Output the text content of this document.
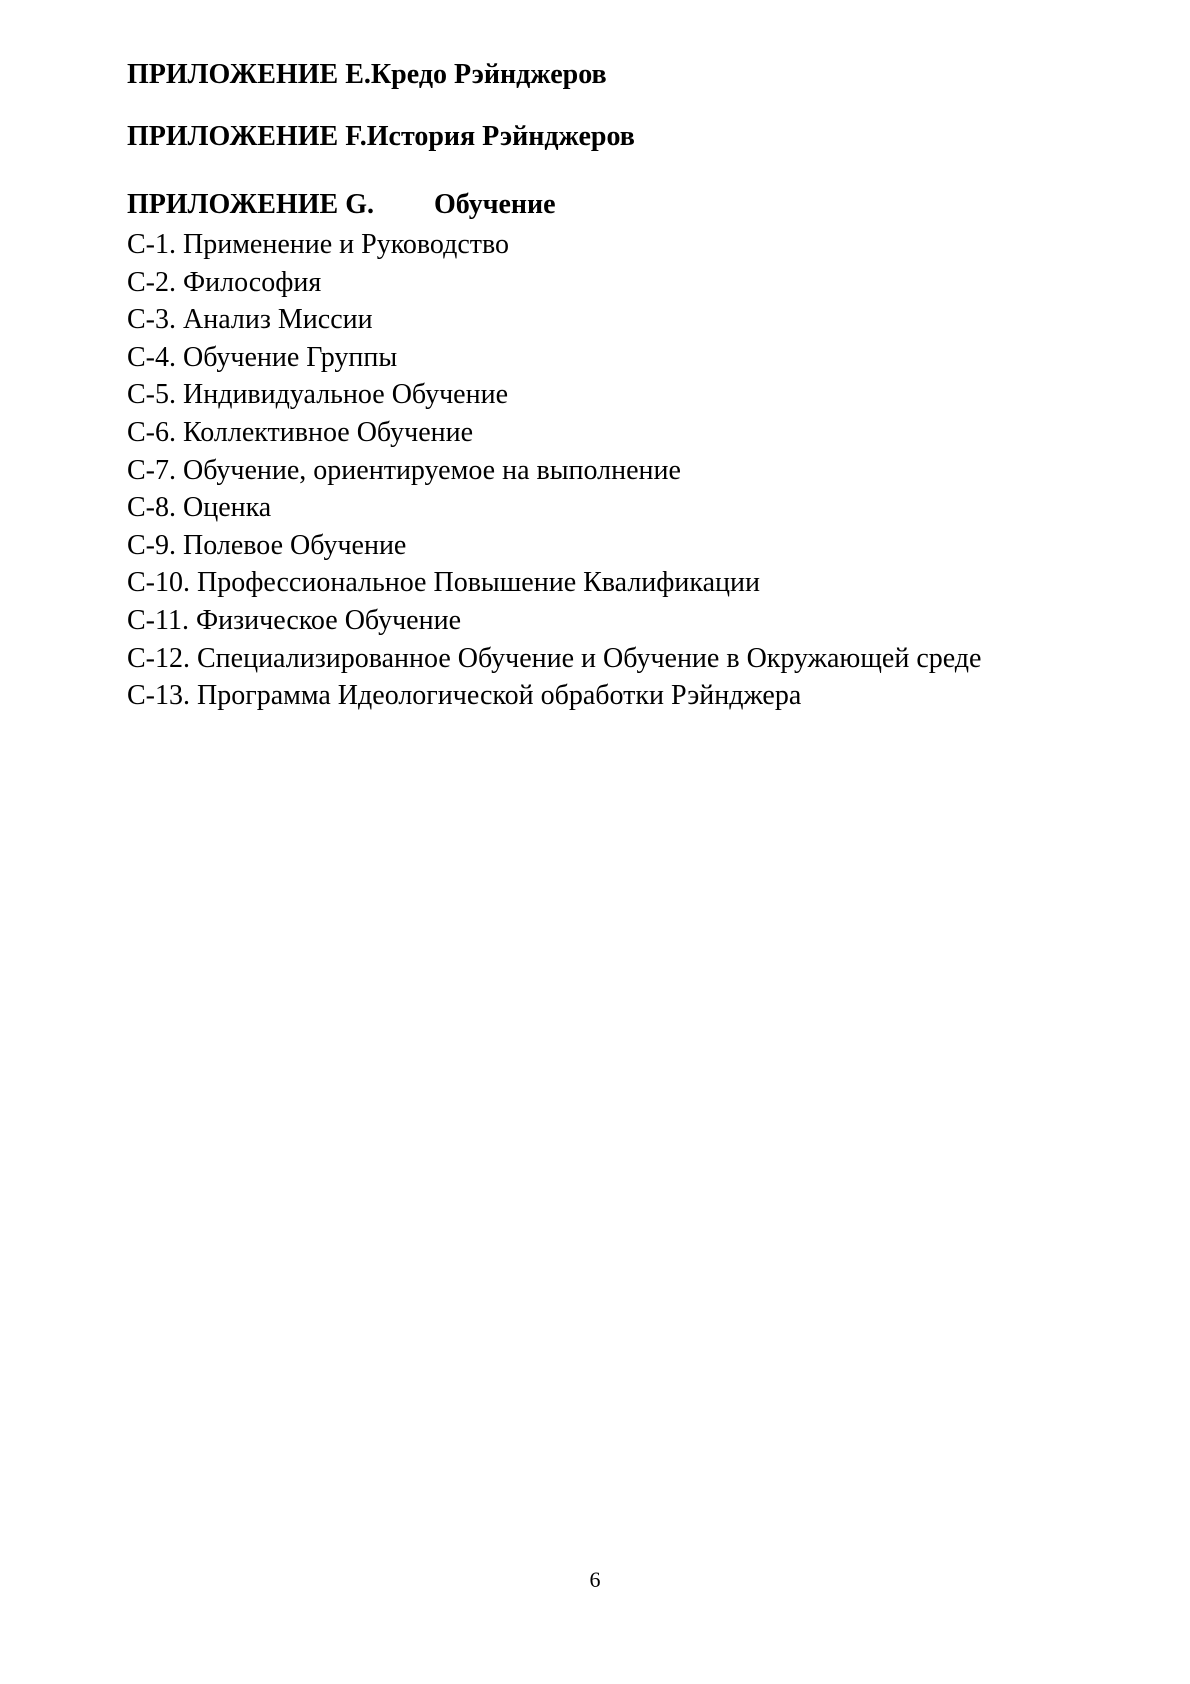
ПРИЛОЖЕНИЕ E.Кредо Рэйнджеров

ПРИЛОЖЕНИЕ F.История Рэйнджеров

ПРИЛОЖЕНИЕ G. Обучение

С-1. Применение и Руководство
С-2. Философия
С-3. Анализ Миссии
С-4. Обучение Группы
С-5. Индивидуальное Обучение
С-6. Коллективное Обучение
С-7. Обучение, ориентируемое на выполнение
С-8. Оценка
С-9. Полевое Обучение
С-10. Профессиональное Повышение Квалификации
С-11. Физическое Обучение
С-12. Специализированное Обучение и Обучение в Окружающей среде
С-13. Программа Идеологической обработки Рэйнджера
6
